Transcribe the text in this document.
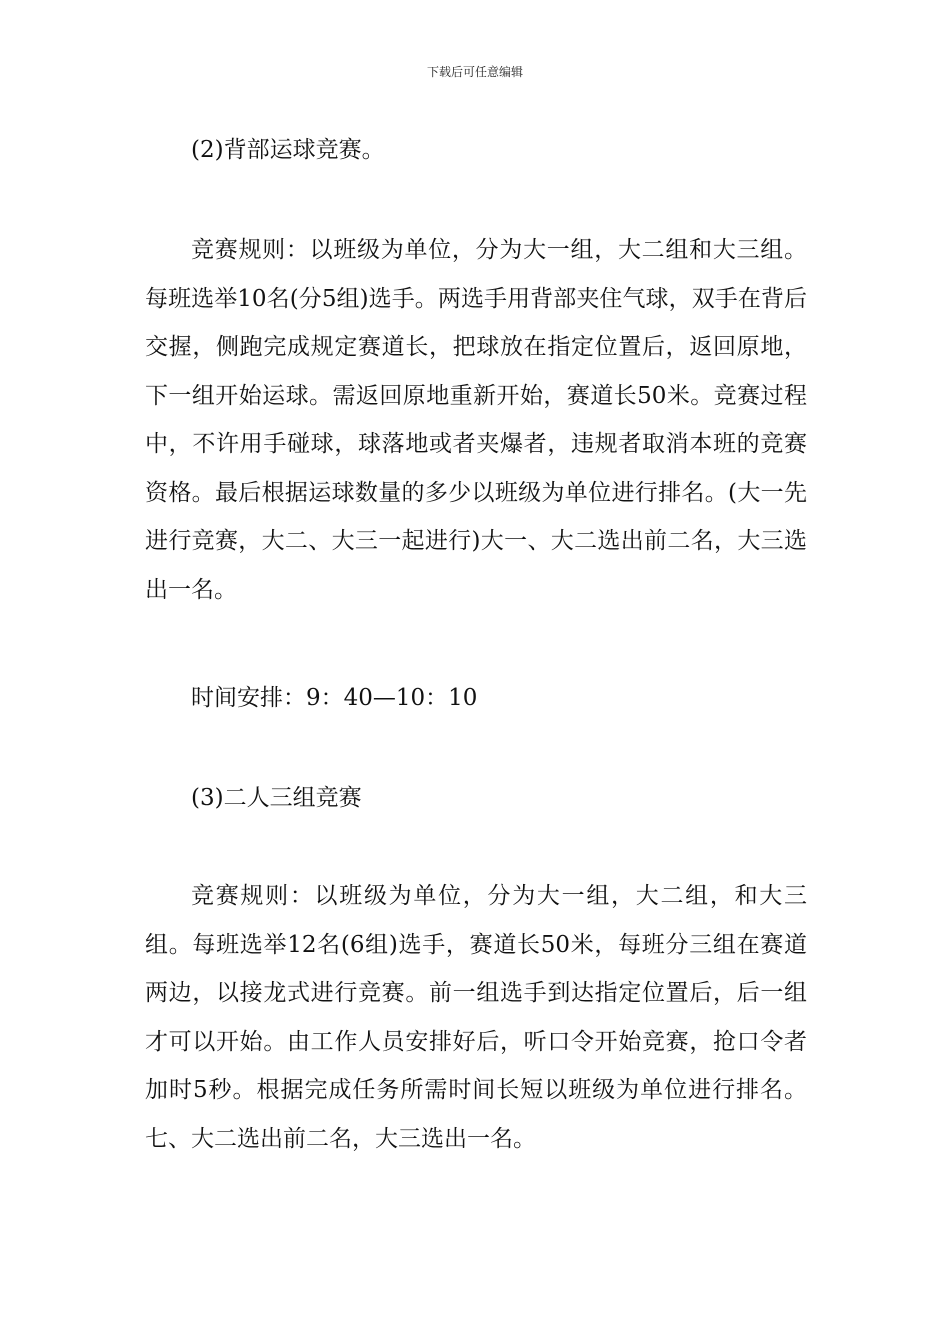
下载后可任意编辑

(2)背部运球竞赛。

竞赛规则：以班级为单位，分为大一组，大二组和大三组。每班选举10名(分5组)选手。两选手用背部夹住气球，双手在背后交握，侧跑完成规定赛道长，把球放在指定位置后，返回原地，下一组开始运球。需返回原地重新开始，赛道长50米。竞赛过程中，不许用手碰球，球落地或者夹爆者，违规者取消本班的竞赛资格。最后根据运球数量的多少以班级为单位进行排名。(大一先进行竞赛，大二、大三一起进行)大一、大二选出前二名，大三选出一名。

时间安排：9：40—10：10

(3)二人三组竞赛

竞赛规则：以班级为单位，分为大一组，大二组，和大三组。每班选举12名(6组)选手，赛道长50米，每班分三组在赛道两边，以接龙式进行竞赛。前一组选手到达指定位置后，后一组才可以开始。由工作人员安排好后，听口令开始竞赛，抢口令者加时5秒。根据完成任务所需时间长短以班级为单位进行排名。七、大二选出前二名，大三选出一名。
